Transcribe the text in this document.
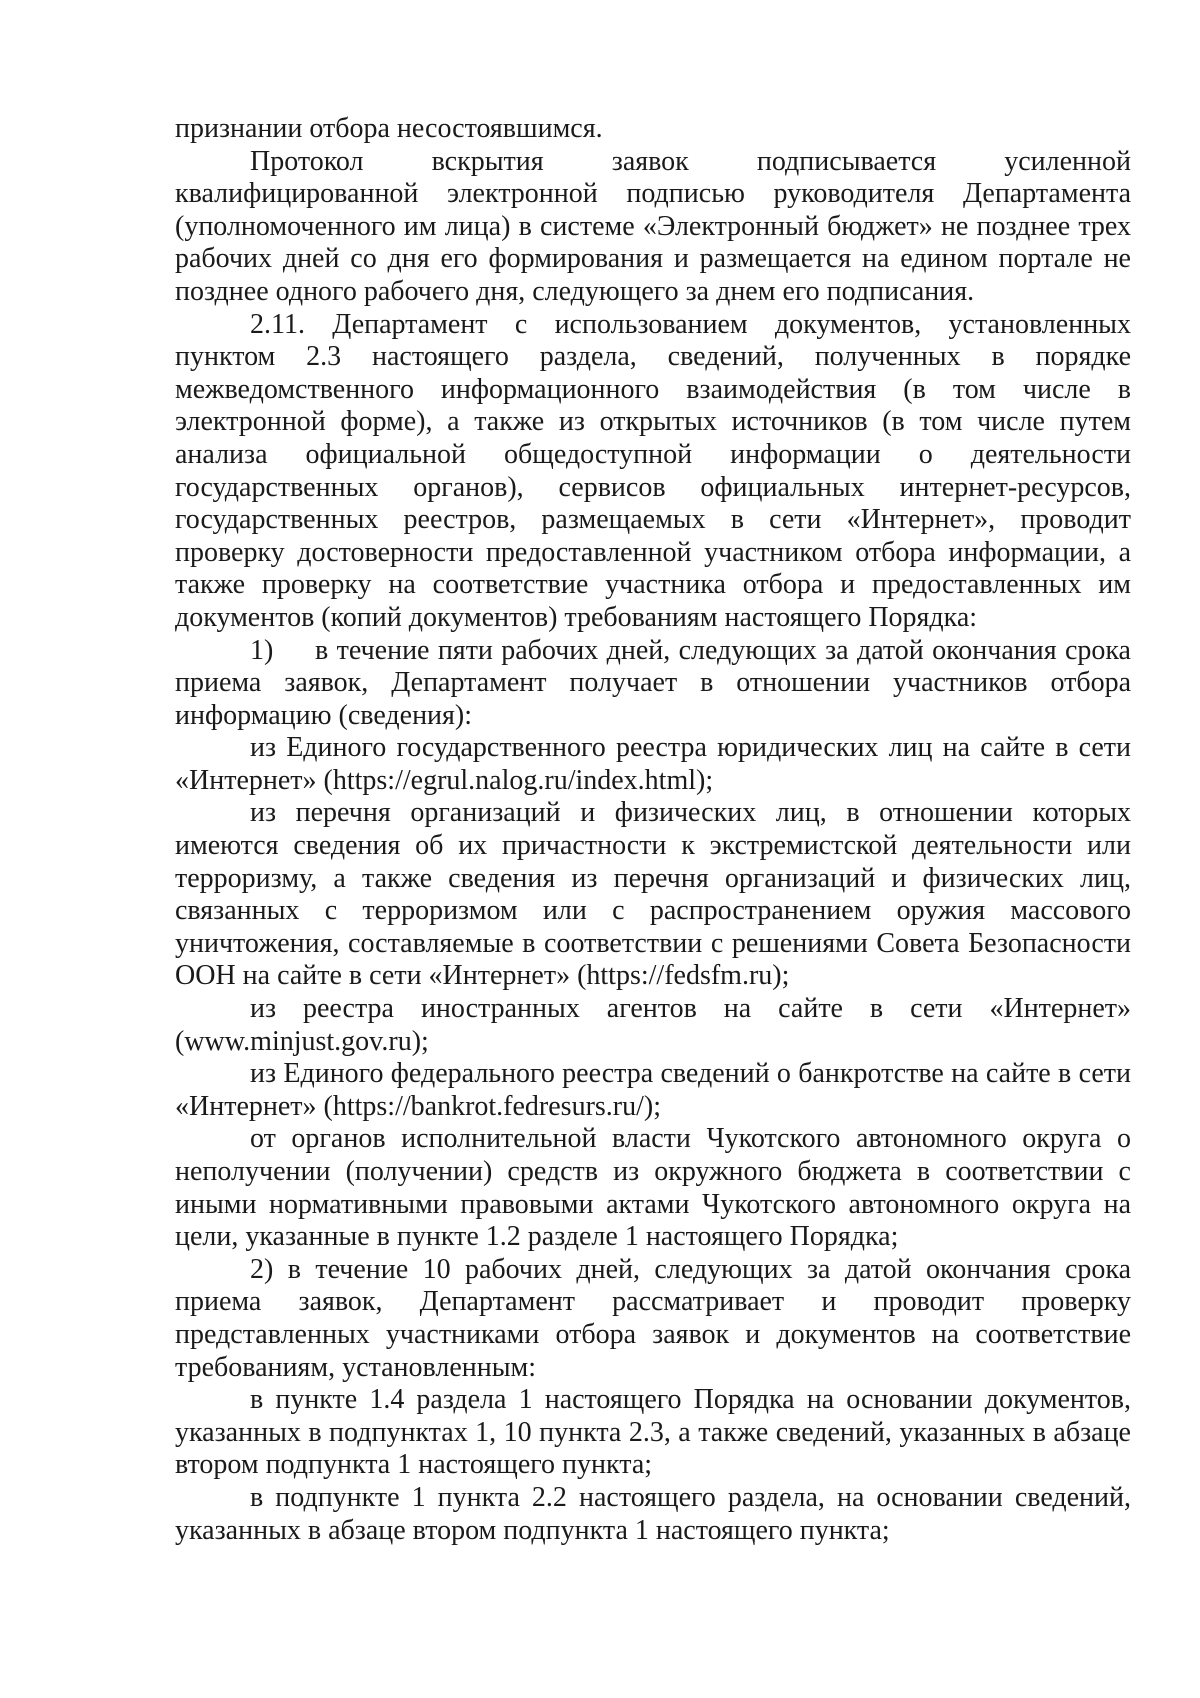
признании отбора несостоявшимся.

Протокол вскрытия заявок подписывается усиленной квалифицированной электронной подписью руководителя Департамента (уполномоченного им лица) в системе «Электронный бюджет» не позднее трех рабочих дней со дня его формирования и размещается на едином портале не позднее одного рабочего дня, следующего за днем его подписания.

2.11. Департамент с использованием документов, установленных пунктом 2.3 настоящего раздела, сведений, полученных в порядке межведомственного информационного взаимодействия (в том числе в электронной форме), а также из открытых источников (в том числе путем анализа официальной общедоступной информации о деятельности государственных органов), сервисов официальных интернет-ресурсов, государственных реестров, размещаемых в сети «Интернет», проводит проверку достоверности предоставленной участником отбора информации, а также проверку на соответствие участника отбора и предоставленных им документов (копий документов) требованиям настоящего Порядка:

1)     в течение пяти рабочих дней, следующих за датой окончания срока приема заявок, Департамент получает в отношении участников отбора информацию (сведения):

из Единого государственного реестра юридических лиц на сайте в сети «Интернет» (https://egrul.nalog.ru/index.html);

из перечня организаций и физических лиц, в отношении которых имеются сведения об их причастности к экстремистской деятельности или терроризму, а также сведения из перечня организаций и физических лиц, связанных с терроризмом или с распространением оружия массового уничтожения, составляемые в соответствии с решениями Совета Безопасности ООН на сайте в сети «Интернет» (https://fedsfm.ru);

из реестра иностранных агентов на сайте в сети «Интернет» (www.minjust.gov.ru);

из Единого федерального реестра сведений о банкротстве на сайте в сети «Интернет» (https://bankrot.fedresurs.ru/);

от органов исполнительной власти Чукотского автономного округа о неполучении (получении) средств из окружного бюджета в соответствии с иными нормативными правовыми актами Чукотского автономного округа на цели, указанные в пункте 1.2 разделе 1 настоящего Порядка;

2) в течение 10 рабочих дней, следующих за датой окончания срока приема заявок, Департамент рассматривает и проводит проверку представленных участниками отбора заявок и документов на соответствие требованиям, установленным:

в пункте 1.4 раздела 1 настоящего Порядка на основании документов, указанных в подпунктах 1, 10 пункта 2.3, а также сведений, указанных в абзаце втором подпункта 1 настоящего пункта;

в подпункте 1 пункта 2.2 настоящего раздела, на основании сведений, указанных в абзаце втором подпункта 1 настоящего пункта;
